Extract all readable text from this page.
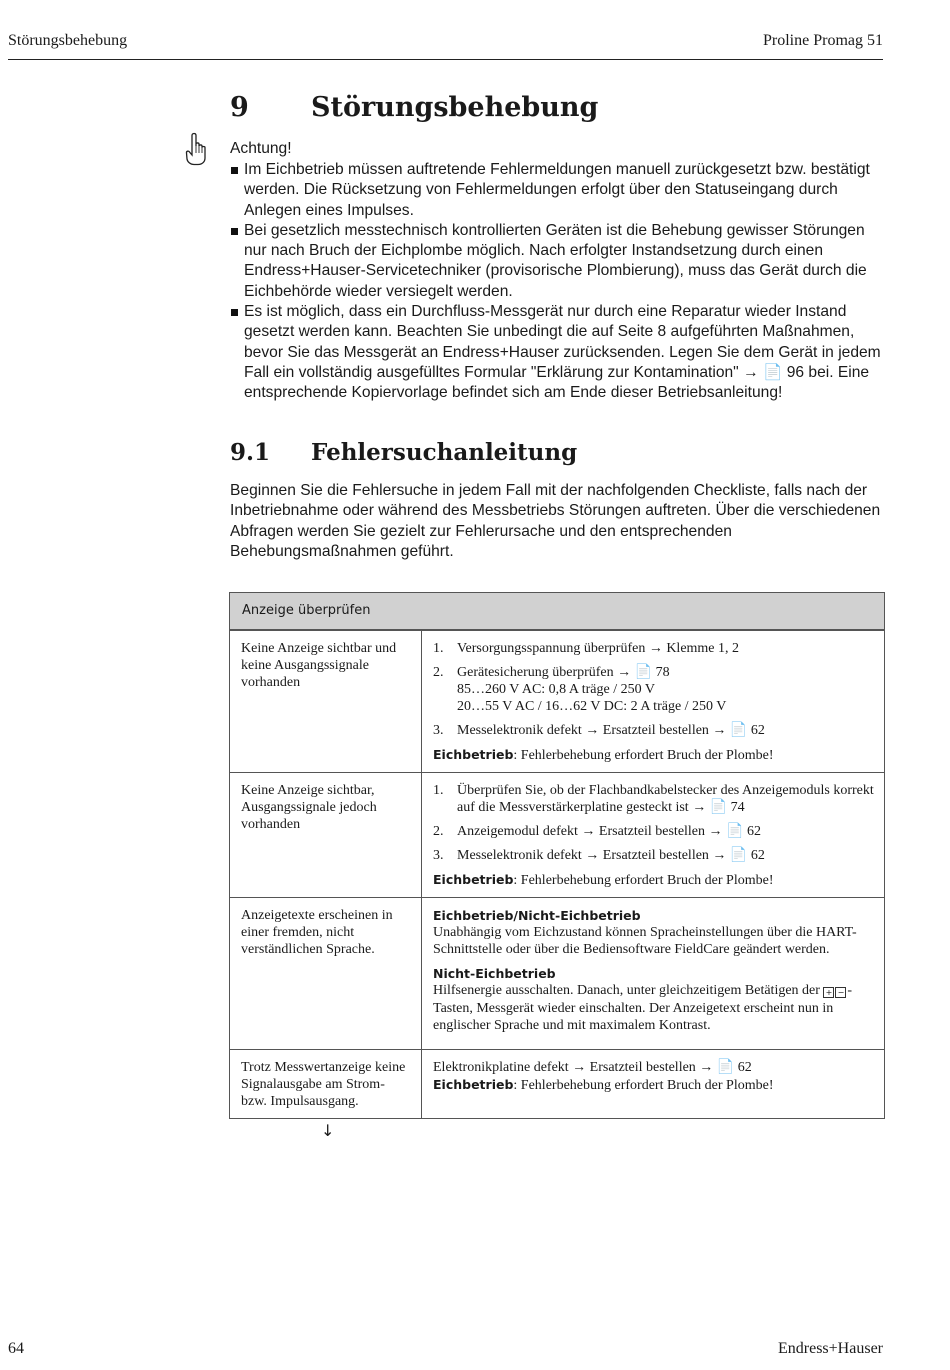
Störungsbehebung	Proline Promag 51
9 Störungsbehebung
Achtung!
Im Eichbetrieb müssen auftretende Fehlermeldungen manuell zurückgesetzt bzw. bestätigt werden. Die Rücksetzung von Fehlermeldungen erfolgt über den Statuseingang durch Anlegen eines Impulses.
Bei gesetzlich messtechnisch kontrollierten Geräten ist die Behebung gewisser Störungen nur nach Bruch der Eichplombe möglich. Nach erfolgter Instandsetzung durch einen Endress+Hauser-Servicetechniker (provisorische Plombierung), muss das Gerät durch die Eichbehörde wieder versiegelt werden.
Es ist möglich, dass ein Durchfluss-Messgerät nur durch eine Reparatur wieder Instand gesetzt werden kann. Beachten Sie unbedingt die auf Seite 8 aufgeführten Maßnahmen, bevor Sie das Messgerät an Endress+Hauser zurücksenden. Legen Sie dem Gerät in jedem Fall ein vollständig ausgefülltes Formular "Erklärung zur Kontamination" → 📄 96 bei. Eine entsprechende Kopiervorlage befindet sich am Ende dieser Betriebsanleitung!
9.1 Fehlersuchanleitung
Beginnen Sie die Fehlersuche in jedem Fall mit der nachfolgenden Checkliste, falls nach der Inbetriebnahme oder während des Messbetriebs Störungen auftreten. Über die verschiedenen Abfragen werden Sie gezielt zur Fehlerursache und den entsprechenden Behebungsmaßnahmen geführt.
Anzeige überprüfen
Keine Anzeige sichtbar und keine Ausgangssignale vorhanden
1. Versorgungsspannung überprüfen → Klemme 1, 2
2. Gerätesicherung überprüfen → 📄 78
85…260 V AC: 0,8 A träge / 250 V
20…55 V AC / 16…62 V DC: 2 A träge / 250 V
3. Messelektronik defekt → Ersatzteil bestellen → 📄 62
Eichbetrieb: Fehlerbehebung erfordert Bruch der Plombe!
Keine Anzeige sichtbar, Ausgangssignale jedoch vorhanden
1. Überprüfen Sie, ob der Flachbandkabelstecker des Anzeigemoduls korrekt auf die Messverstärkerplatine gesteckt ist → 📄 74
2. Anzeigemodul defekt → Ersatzteil bestellen → 📄 62
3. Messelektronik defekt → Ersatzteil bestellen → 📄 62
Eichbetrieb: Fehlerbehebung erfordert Bruch der Plombe!
Anzeigetexte erscheinen in einer fremden, nicht verständlichen Sprache.
Eichbetrieb/Nicht-Eichbetrieb
Unabhängig vom Eichzustand können Spracheinstellungen über die HART-Schnittstelle oder über die Bediensoftware FieldCare geändert werden.
Nicht-Eichbetrieb
Hilfsenergie ausschalten. Danach, unter gleichzeitigem Betätigen der + − -Tasten, Messgerät wieder einschalten. Der Anzeigetext erscheint nun in englischer Sprache und mit maximalem Kontrast.
Trotz Messwertanzeige keine Signalausgabe am Strom- bzw. Impulsausgang.
Elektronikplatine defekt → Ersatzteil bestellen → 📄 62
Eichbetrieb: Fehlerbehebung erfordert Bruch der Plombe!
↓
64	Endress+Hauser
